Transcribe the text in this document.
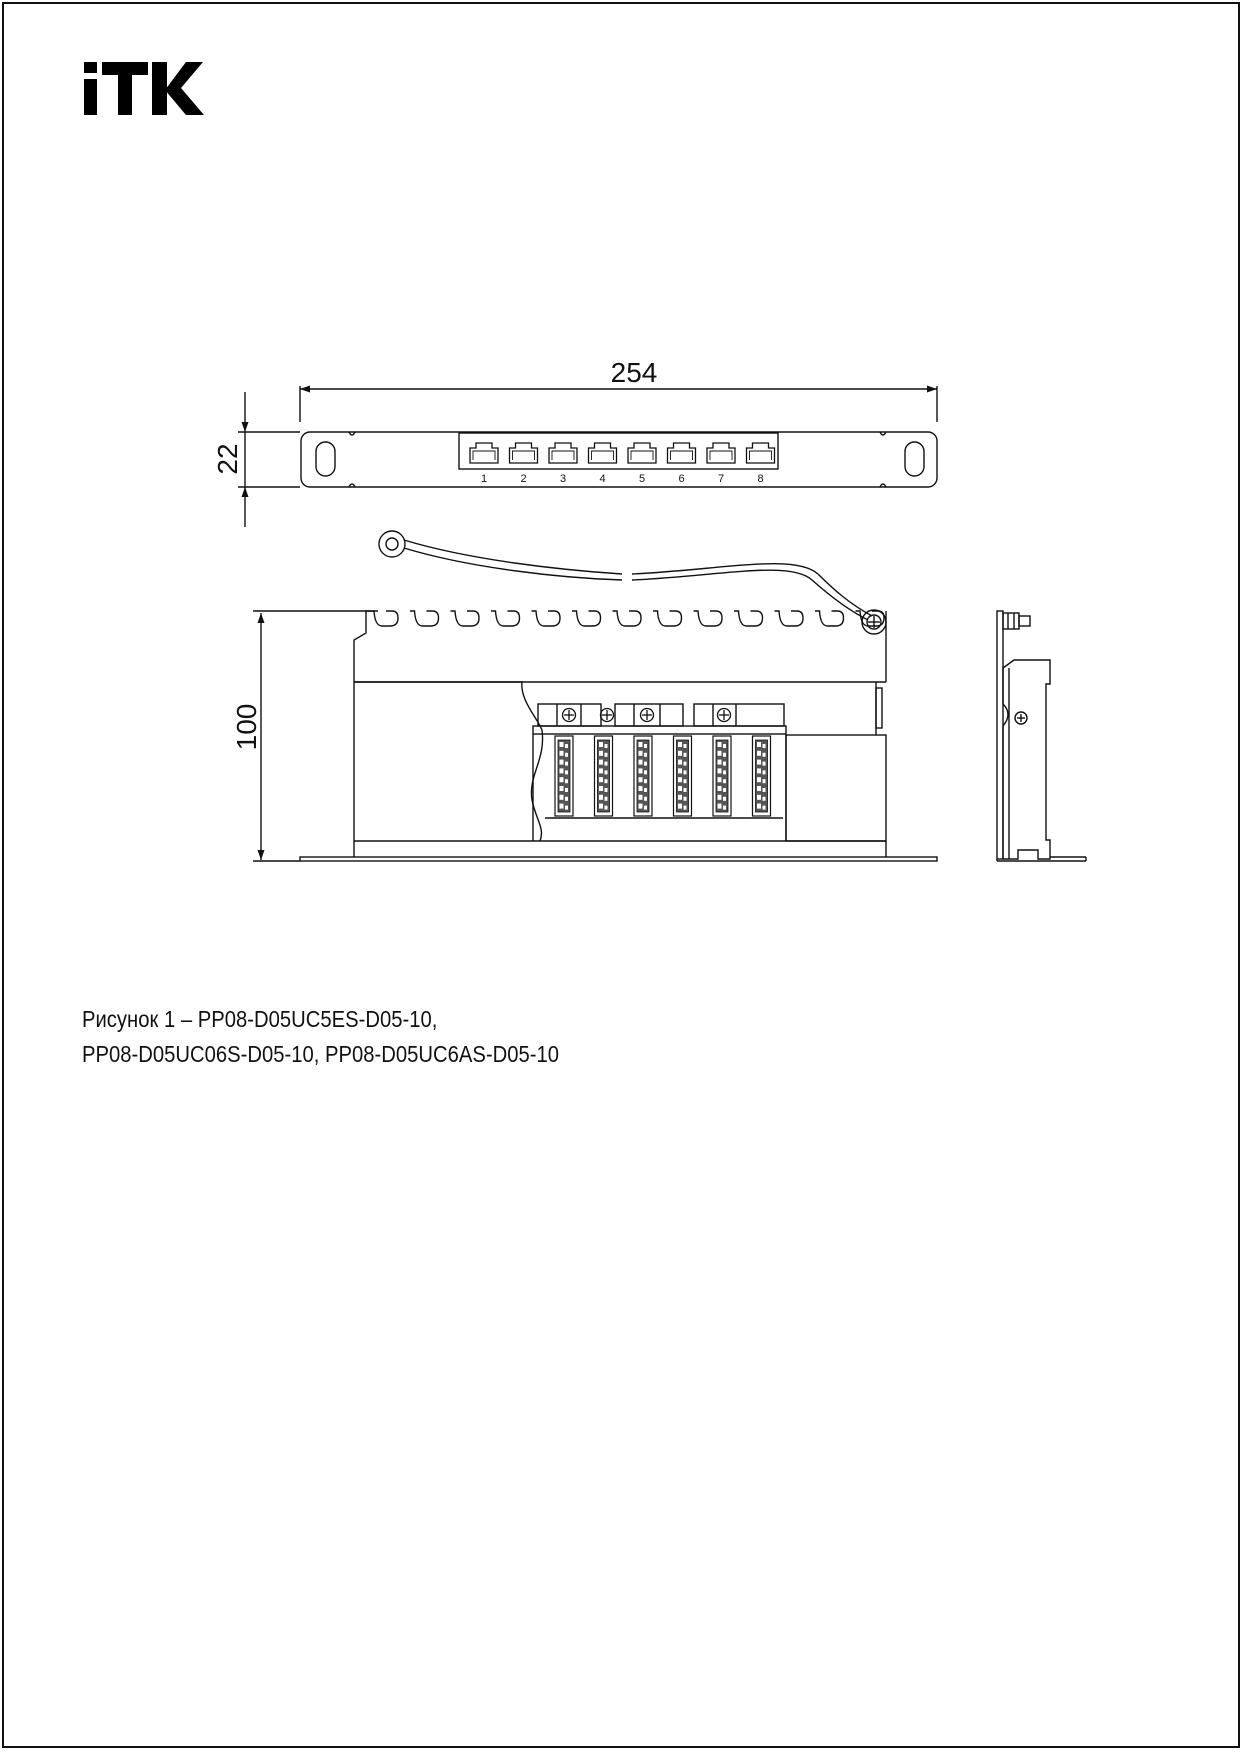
1	2	3	4	5	6	7	8
254
22
100
Рисунок 1 – PP08-D05UC5ES-D05-10,
PP08-D05UC06S-D05-10, PP08-D05UC6AS-D05-10
